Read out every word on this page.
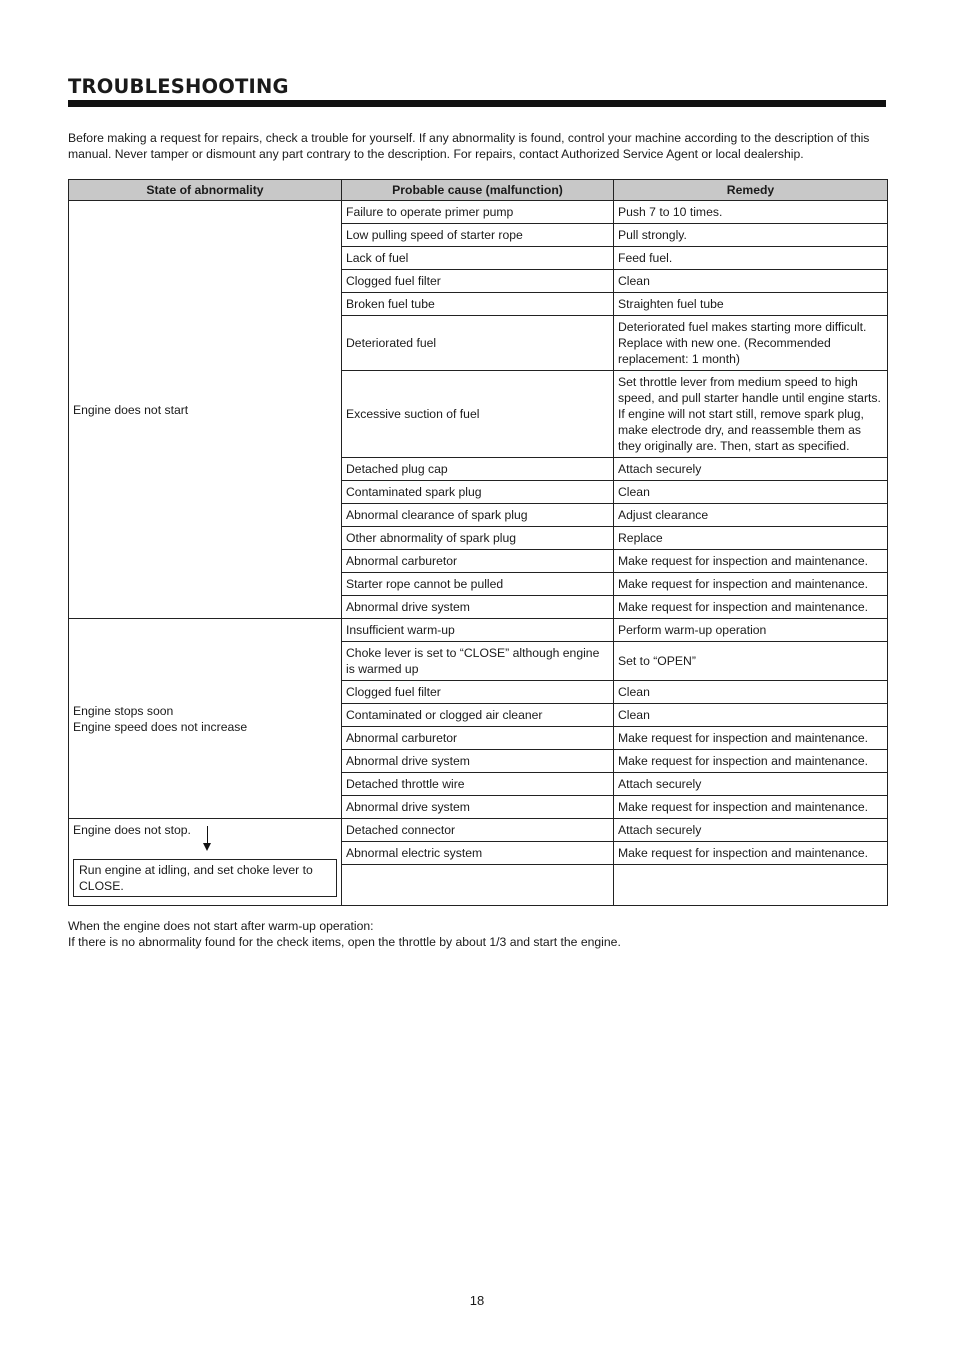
TROUBLESHOOTING
Before making a request for repairs, check a trouble for yourself. If any abnormality is found, control your machine according to the description of this manual. Never tamper or dismount any part contrary to the description. For repairs, contact Authorized Service Agent or local dealership.
State of abnormality	Probable cause (malfunction)	Remedy
Engine does not start	Failure to operate primer pump	Push 7 to 10 times.
	Low pulling speed of starter rope	Pull strongly.
	Lack of fuel	Feed fuel.
	Clogged fuel filter	Clean
	Broken fuel tube	Straighten fuel tube
	Deteriorated fuel	Deteriorated fuel makes starting more difficult. Replace with new one. (Recommended replacement: 1 month)
	Excessive suction of fuel	Set throttle lever from medium speed to high speed, and pull starter handle until engine starts. If engine will not start still, remove spark plug, make electrode dry, and reassemble them as they originally are. Then, start as specified.
	Detached plug cap	Attach securely
	Contaminated spark plug	Clean
	Abnormal clearance of spark plug	Adjust clearance
	Other abnormality of spark plug	Replace
	Abnormal carburetor	Make request for inspection and maintenance.
	Starter rope cannot be pulled	Make request for inspection and maintenance.
	Abnormal drive system	Make request for inspection and maintenance.

Engine stops soon
Engine speed does not increase	Insufficient warm-up	Perform warm-up operation
	Choke lever is set to “CLOSE” although engine is warmed up	Set to “OPEN”
	Clogged fuel filter	Clean
	Contaminated or clogged air cleaner	Clean
	Abnormal carburetor	Make request for inspection and maintenance.
	Abnormal drive system	Make request for inspection and maintenance.
	Detached throttle wire	Attach securely
	Abnormal drive system	Make request for inspection and maintenance.

Engine does not stop.
Run engine at idling, and set choke lever to CLOSE.	Detached connector	Attach securely
	Abnormal electric system	Make request for inspection and maintenance.

When the engine does not start after warm-up operation:
If there is no abnormality found for the check items, open the throttle by about 1/3 and start the engine.
18
